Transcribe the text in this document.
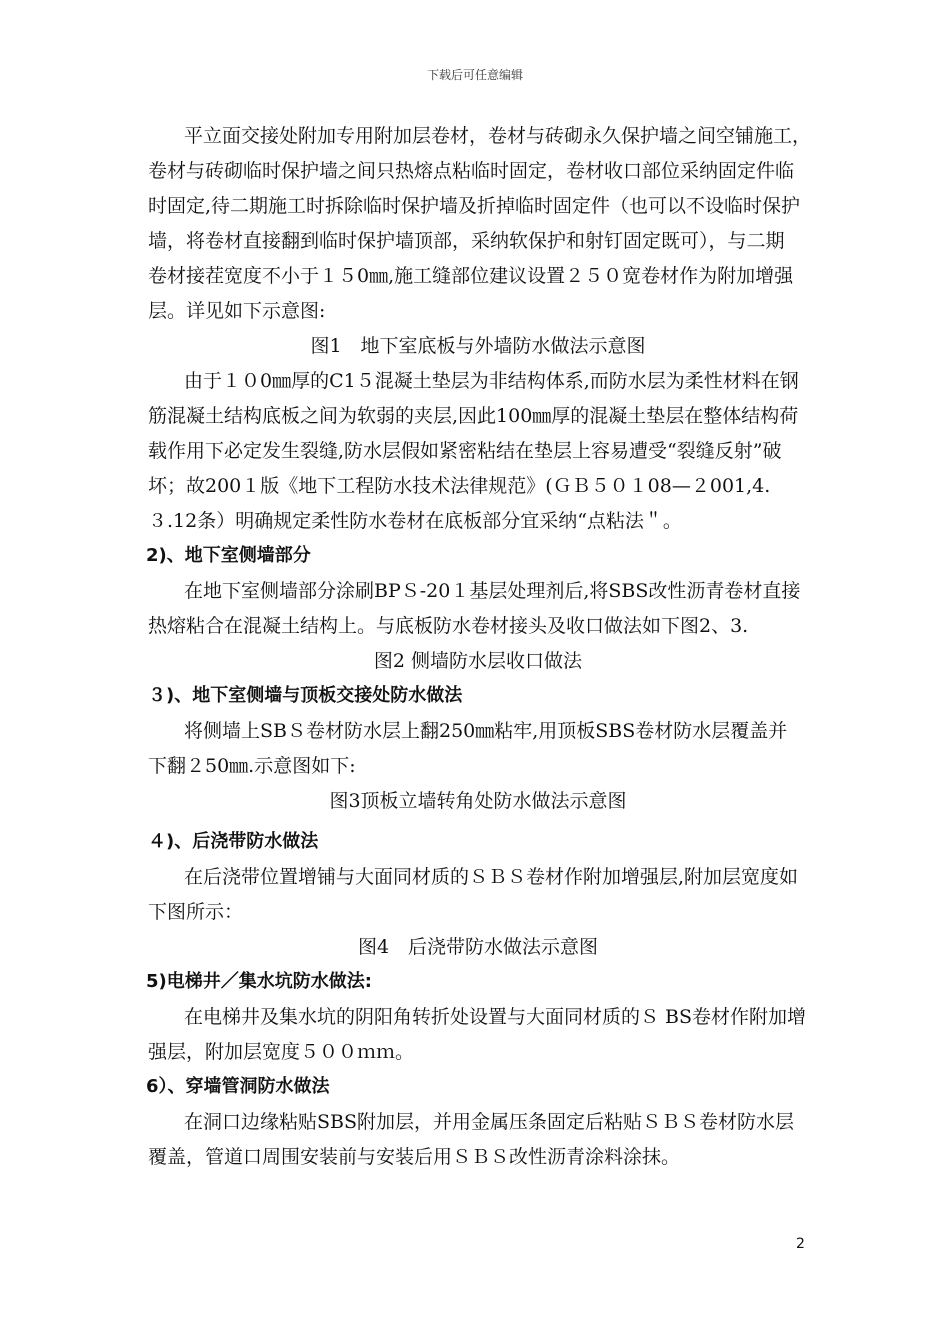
下载后可任意编辑
平立面交接处附加专用附加层卷材，卷材与砖砌永久保护墙之间空铺施工，
卷材与砖砌临时保护墙之间只热熔点粘临时固定，卷材收口部位采纳固定件临
时固定,待二期施工时拆除临时保护墙及折掉临时固定件（也可以不设临时保护
墙，将卷材直接翻到临时保护墙顶部，采纳软保护和射钉固定既可），与二期
卷材接茬宽度不小于１５0㎜,施工缝部位建议设置２５０宽卷材作为附加增强
层。详见如下示意图:
图1　地下室底板与外墙防水做法示意图
由于１０0㎜厚的C1５混凝土垫层为非结构体系,而防水层为柔性材料在钢
筋混凝土结构底板之间为软弱的夹层,因此100㎜厚的混凝土垫层在整体结构荷
载作用下必定发生裂缝,防水层假如紧密粘结在垫层上容易遭受“裂缝反射”破
坏；故200１版《地下工程防水技术法律规范》(ＧＢ５０１08—２001,4.
３.12条）明确规定柔性防水卷材在底板部分宜采纳“点粘法＂。
2)、地下室侧墙部分
在地下室侧墙部分涂刷BPＳ-20１基层处理剂后,将SBS改性沥青卷材直接
热熔粘合在混凝土结构上。与底板防水卷材接头及收口做法如下图2、3.
图2 侧墙防水层收口做法
３)、地下室侧墙与顶板交接处防水做法
将侧墙上SBＳ卷材防水层上翻250㎜粘牢,用顶板SBS卷材防水层覆盖并
下翻２50㎜.示意图如下:
图3顶板立墙转角处防水做法示意图
４)、后浇带防水做法
在后浇带位置增铺与大面同材质的ＳＢＳ卷材作附加增强层,附加层宽度如
下图所示：
图4　后浇带防水做法示意图
5)电梯井／集水坑防水做法:
在电梯井及集水坑的阴阳角转折处设置与大面同材质的Ｓ BS卷材作附加增
强层，附加层宽度５００ｍｍ。
6）、穿墙管洞防水做法
在洞口边缘粘贴SBS附加层，并用金属压条固定后粘贴ＳＢＳ卷材防水层
覆盖，管道口周围安装前与安装后用ＳＢＳ改性沥青涂料涂抹。
2
